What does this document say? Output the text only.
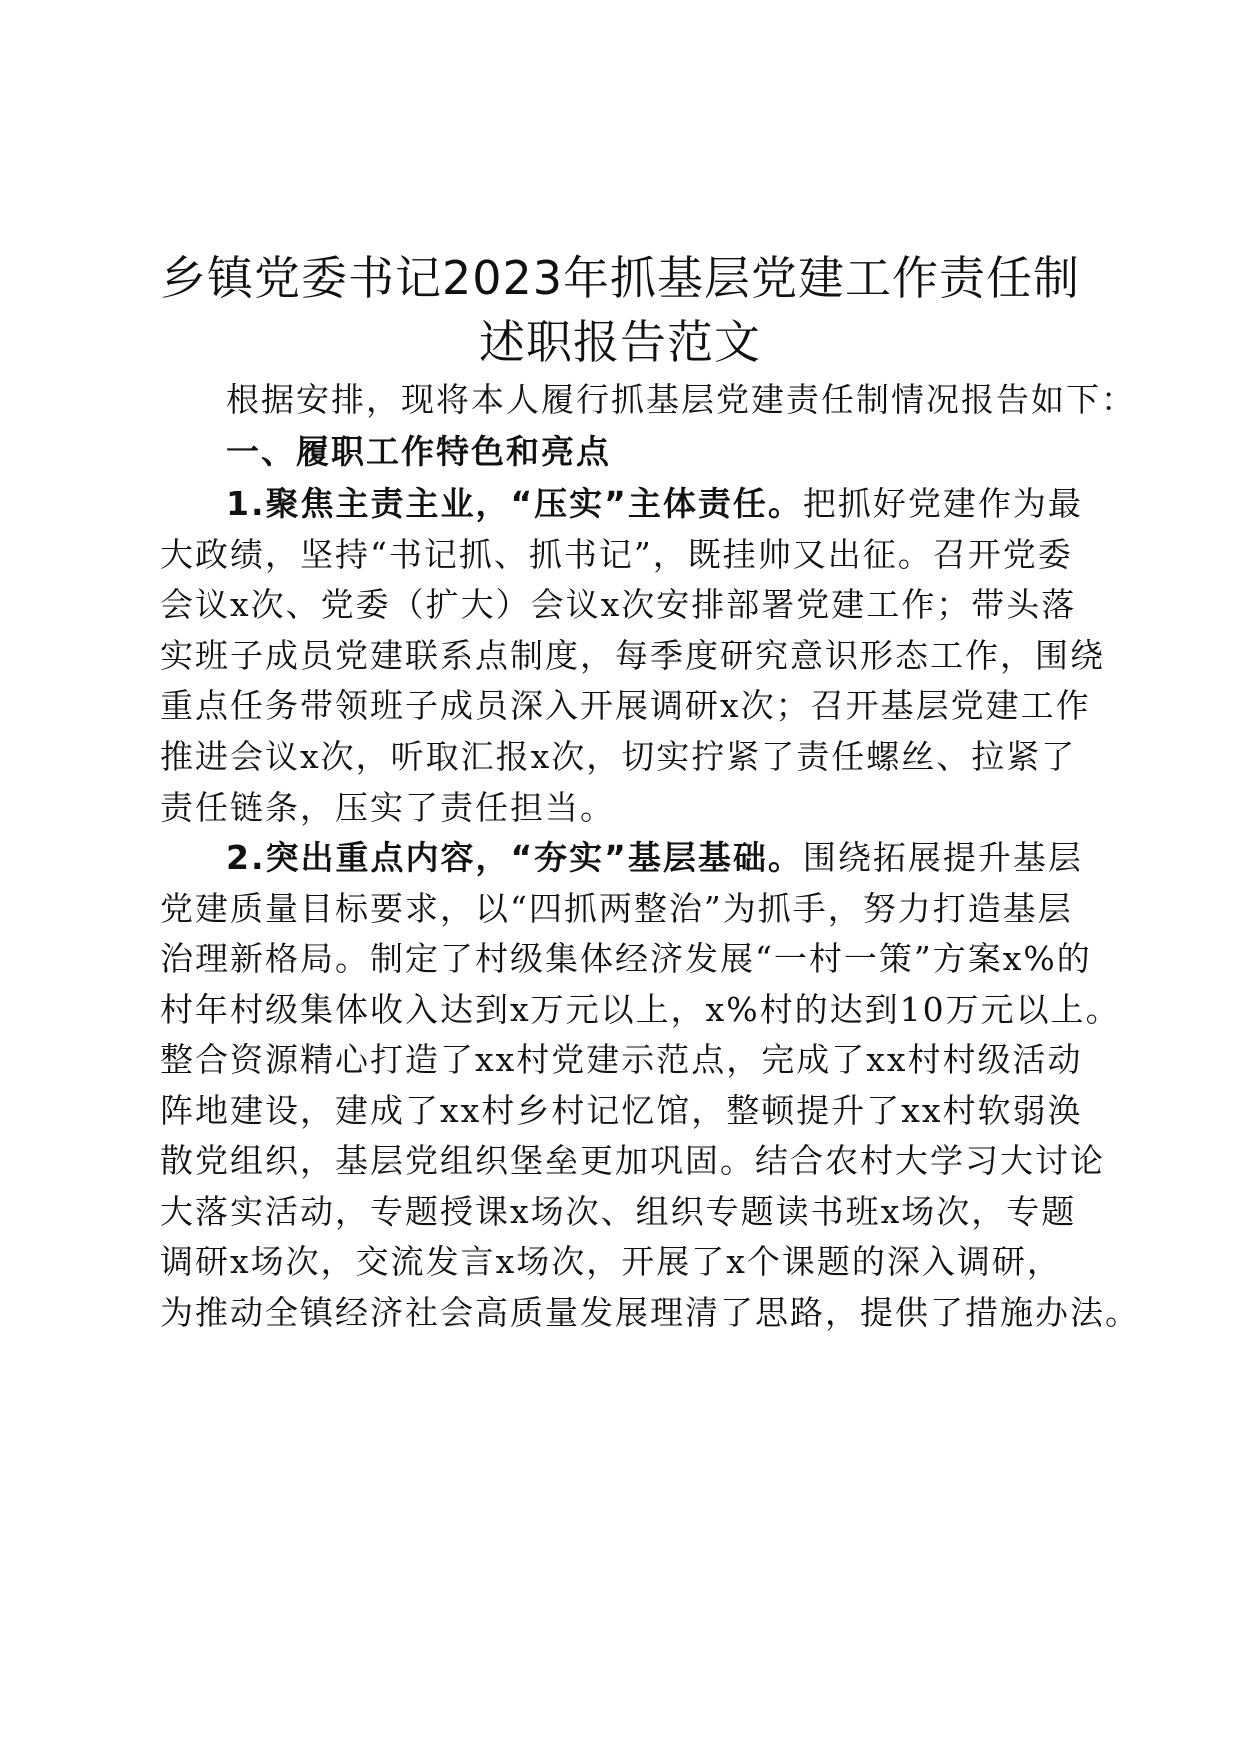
乡镇党委书记2023年抓基层党建工作责任制
述职报告范文
根据安排，现将本人履行抓基层党建责任制情况报告如下：
一、履职工作特色和亮点
1.聚焦主责主业，“压实”主体责任。把抓好党建作为最
大政绩，坚持“书记抓、抓书记”，既挂帅又出征。召开党委
会议x次、党委（扩大）会议x次安排部署党建工作；带头落
实班子成员党建联系点制度，每季度研究意识形态工作，围绕
重点任务带领班子成员深入开展调研x次；召开基层党建工作
推进会议x次，听取汇报x次，切实拧紧了责任螺丝、拉紧了
责任链条，压实了责任担当。
2.突出重点内容，“夯实”基层基础。围绕拓展提升基层
党建质量目标要求，以“四抓两整治”为抓手，努力打造基层
治理新格局。制定了村级集体经济发展“一村一策”方案x%的
村年村级集体收入达到x万元以上，x%村的达到10万元以上。
整合资源精心打造了xx村党建示范点，完成了xx村村级活动
阵地建设，建成了xx村乡村记忆馆，整顿提升了xx村软弱涣
散党组织，基层党组织堡垒更加巩固。结合农村大学习大讨论
大落实活动，专题授课x场次、组织专题读书班x场次，专题
调研x场次，交流发言x场次，开展了x个课题的深入调研，
为推动全镇经济社会高质量发展理清了思路，提供了措施办法。
